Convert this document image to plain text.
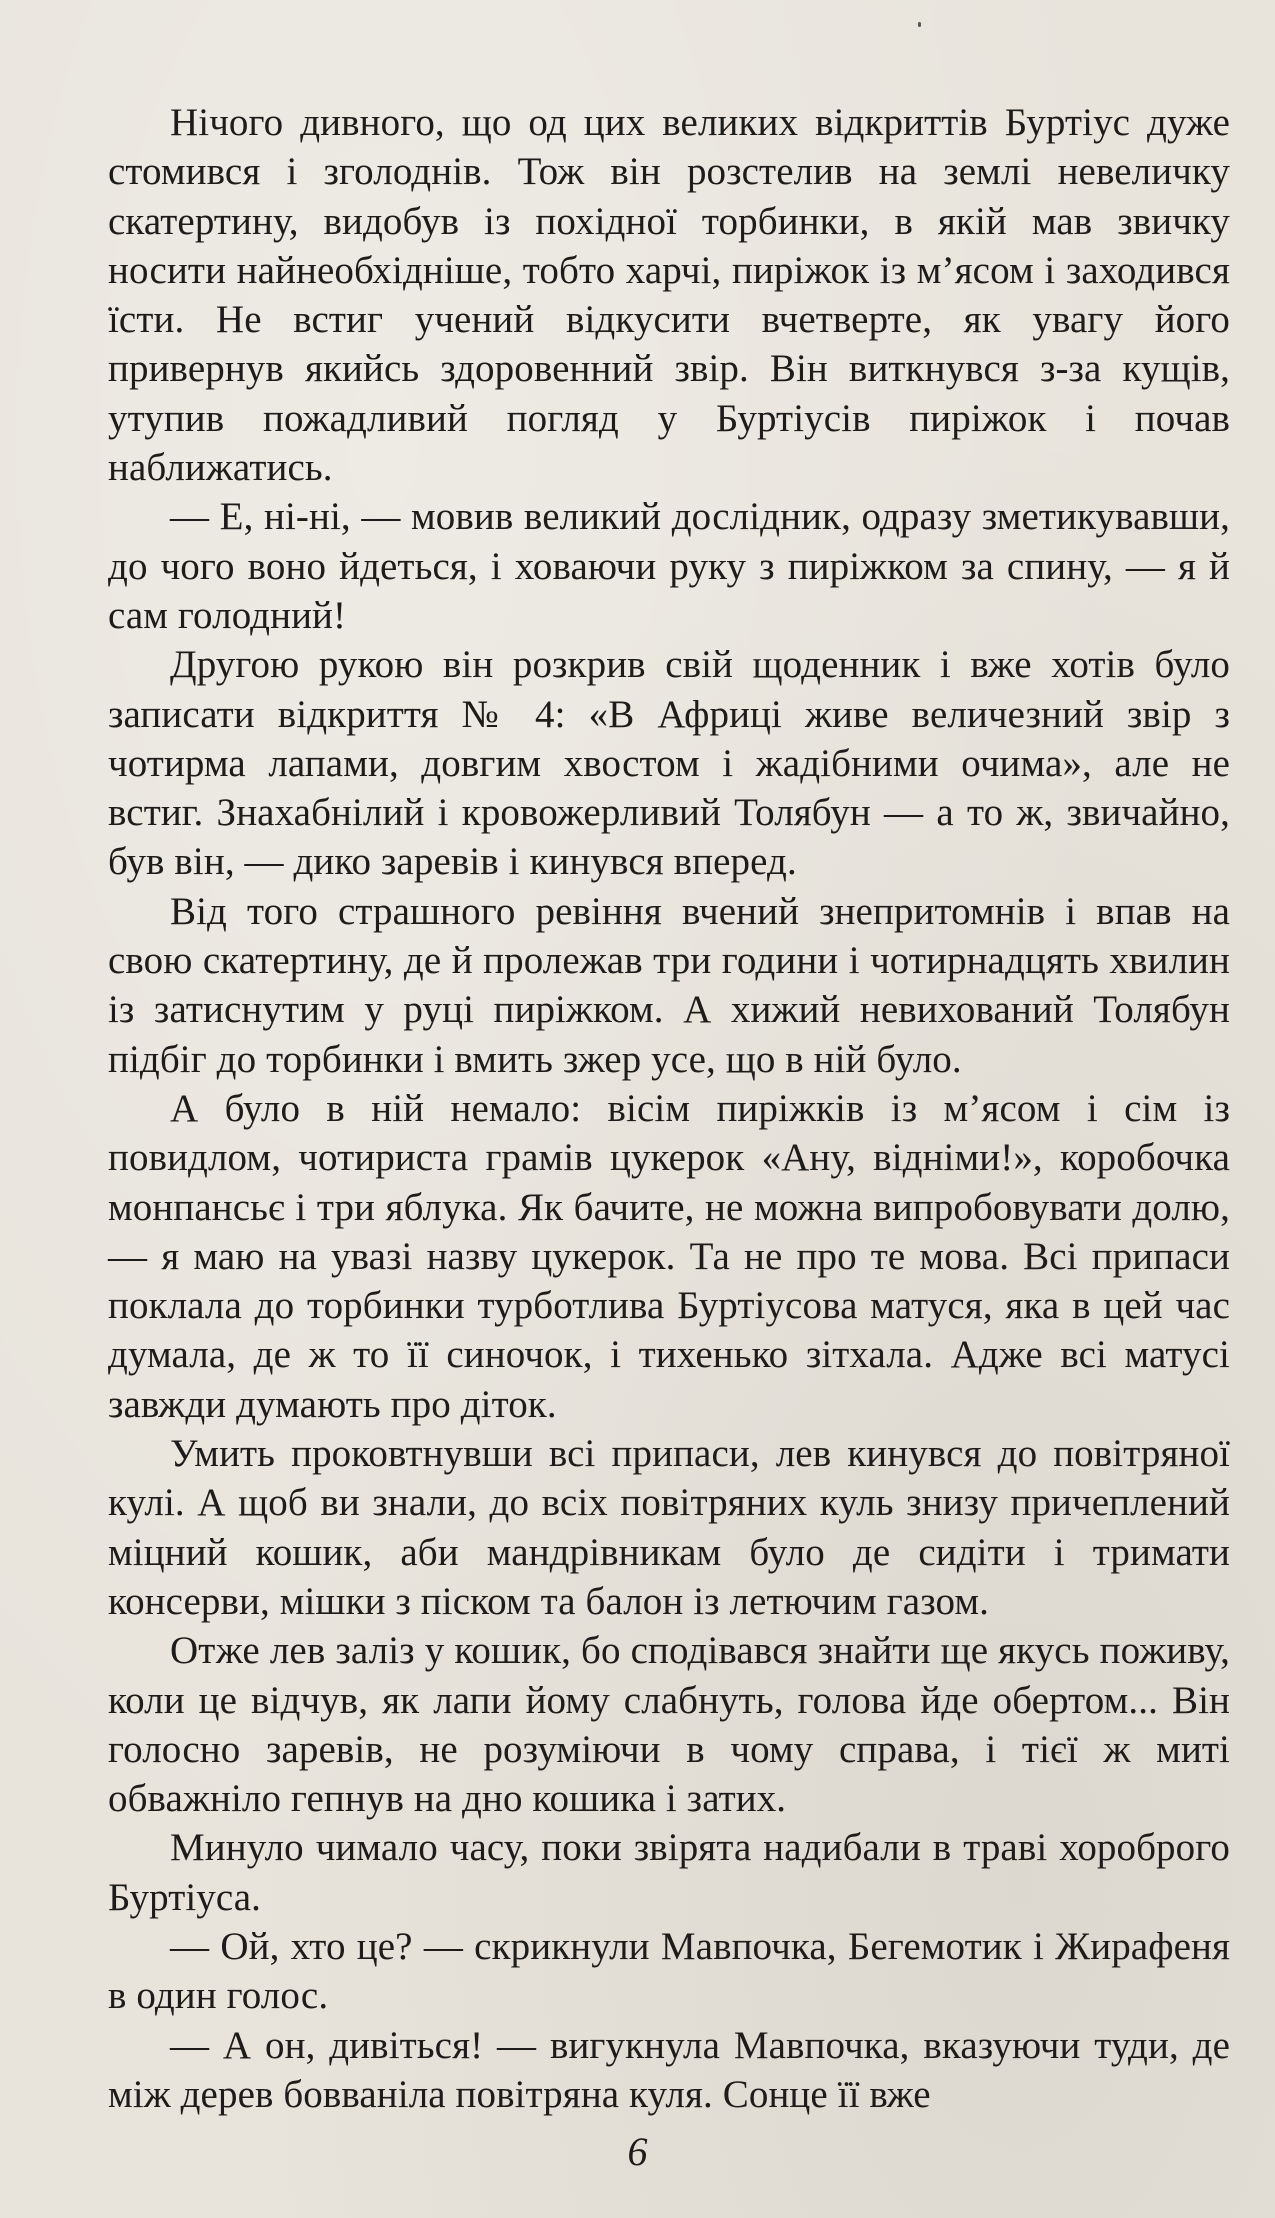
Нічого дивного, що од цих великих відкриттів Буртіус дуже стомився і зголоднів. Тож він розстелив на землі невеличку скатертину, видобув із похідної торбинки, в якій мав звичку носити найнеобхідніше, тобто харчі, пиріжок із м’ясом і заходився їсти. Не встиг учений відкусити вчетверте, як увагу його привернув якийсь здоровенний звір. Він виткнувся з-за кущів, утупив пожадливий погляд у Буртіусів пиріжок і почав наближатись.

— Е, ні-ні, — мовив великий дослідник, одразу зметикувавши, до чого воно йдеться, і ховаючи руку з пиріжком за спину, — я й сам голодний!

Другою рукою він розкрив свій щоденник і вже хотів було записати відкриття № 4: «В Африці живе величезний звір з чотирма лапами, довгим хвостом і жадібними очима», але не встиг. Знахабнілий і кровожерливий Толябун — а то ж, звичайно, був він, — дико заревів і кинувся вперед.

Від того страшного ревіння вчений знепритомнів і впав на свою скатертину, де й пролежав три години і чотирнадцять хвилин із затиснутим у руці пиріжком. А хижий невихований Толябун підбіг до торбинки і вмить зжер усе, що в ній було.

А було в ній немало: вісім пиріжків із м’ясом і сім із повидлом, чотириста грамів цукерок «Ану, відніми!», коробочка монпансьє і три яблука. Як бачите, не можна випробовувати долю, — я маю на увазі назву цукерок. Та не про те мова. Всі припаси поклала до торбинки турботлива Буртіусова матуся, яка в цей час думала, де ж то її синочок, і тихенько зітхала. Адже всі матусі завжди думають про діток.

Умить проковтнувши всі припаси, лев кинувся до повітряної кулі. А щоб ви знали, до всіх повітряних куль знизу причеплений міцний кошик, аби мандрівникам було де сидіти і тримати консерви, мішки з піском та балон із летючим газом.

Отже лев заліз у кошик, бо сподівався знайти ще якусь поживу, коли це відчув, як лапи йому слабнуть, голова йде обертом... Він голосно заревів, не розуміючи в чому справа, і тієї ж миті обважніло гепнув на дно кошика і затих.

Минуло чимало часу, поки звірята надибали в траві хороброго Буртіуса.

— Ой, хто це? — скрикнули Мавпочка, Бегемотик і Жирафеня в один голос.

— А он, дивіться! — вигукнула Мавпочка, вказуючи туди, де між дерев бовваніла повітряна куля. Сонце її вже

6
